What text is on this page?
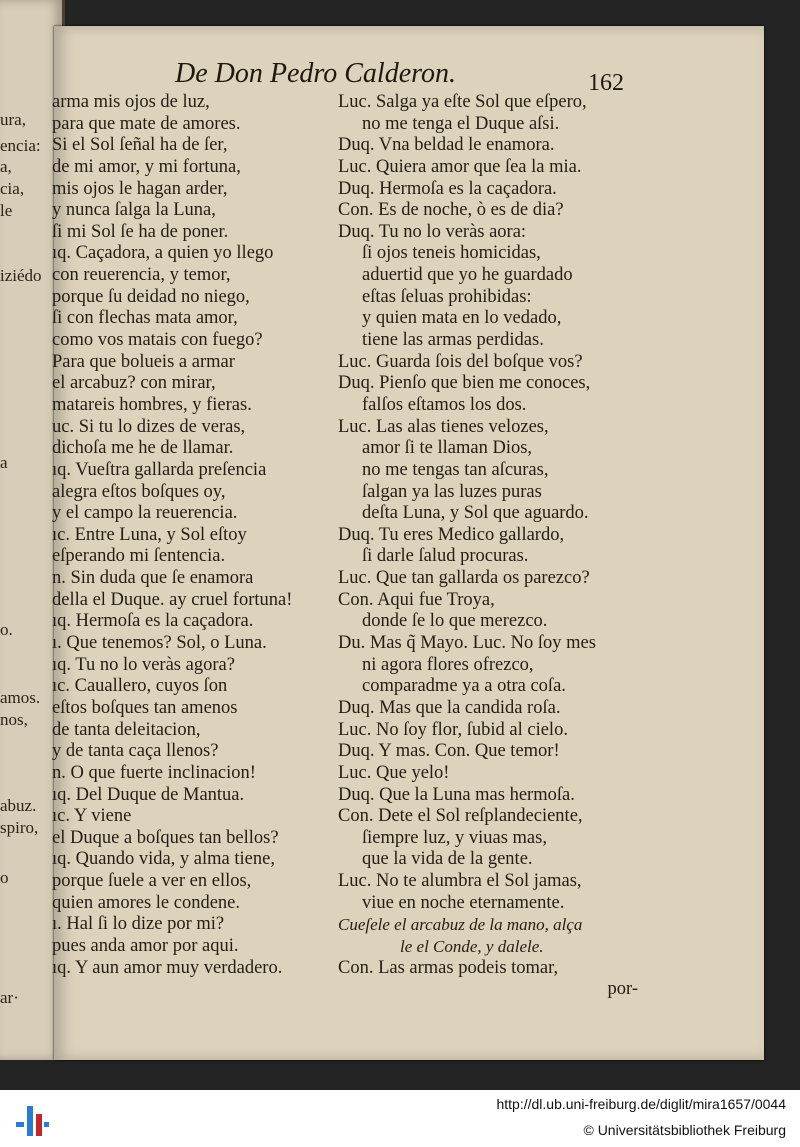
De Don Pedro Calderon.	162
arma mis ojos de luz,
para que mate de amores.
Si el Sol ſeñal ha de ſer,
de mi amor, y mi fortuna,
mis ojos le hagan arder,
y nunca ſalga la Luna,
ſi mi Sol ſe ha de poner.
ıq. Caçadora, a quien yo llego
con reuerencia, y temor,
porque ſu deidad no niego,
ſi con flechas mata amor,
como vos matais con fuego?
Para que boluеis a armar
el arcabuz? con mirar,
matareis hombres, y fieras.
uc. Si tu lo dizes de veras,
dichoſa me he de llamar.
ıq. Vueſtra gallarda preſencia
alegra eſtos boſques oy,
y el campo la reuerencia.
ıc. Entre Luna, y Sol eſtoy
eſperando mi ſentencia.
n. Sin duda que ſe enamora
della el Duque. ay cruel fortuna!
ıq. Hermoſa es la caçadora.
ı. Que tenemos? Sol, o Luna.
ıq. Tu no lo veràs agora?
ıc. Cauallero, cuyos ſon
eſtos boſques tan amenos
de tanta deleitacion,
y de tanta caça llenos?
n. O que fuerte inclinacion!
ıq. Del Duque de Mantua.
ıc. Y viene
el Duque a boſques tan bellos?
ıq. Quando vida, y alma tiene,
porque ſuele a ver en ellos,
quien amores le condene.
ı. Hal ſi lo dize por mi?
pues anda amor por aqui.
ıq. Y aun amor muy verdadero.
Luc. Salga ya eſte Sol que eſpero,
no me tenga el Duque aſsi.
Duq. Vna beldad le enamora.
Luc. Quiera amor que ſea la mia.
Duq. Hermoſa es la caçadora.
Con. Es de noche, ò es de dia?
Duq. Tu no lo veràs aora:
ſi ojos teneis homicidas,
aduertid que yo he guardado
eſtas ſeluas prohibidas:
y quien mata en lo vedado,
tiene las armas perdidas.
Luc. Guarda ſois del boſque vos?
Duq. Pienſo que bien me conoces,
falſos eſtamos los dos.
Luc. Las alas tienes velozes,
amor ſi te llaman Dios,
no me tengas tan aſcuras,
ſalgan ya las luzes puras
deſta Luna, y Sol que aguardo.
Duq. Tu eres Medico gallardo,
ſi darle ſalud procuras.
Luc. Que tan gallarda os parezco?
Con. Aqui fue Troya,
donde ſe lo que merezco.
Du. Mas q̃ Mayo. Luc. No ſoy mes
ni agora flores ofrezco,
comparadme ya a otra coſa.
Duq. Mas que la candida roſa.
Luc. No ſoy flor, ſubid al cielo.
Duq. Y mas. Con. Que temor!
Luc. Que yelo!
Duq. Que la Luna mas hermoſa.
Con. Dete el Sol reſplandeciente,
ſiempre luz, y viuas mas,
que la vida de la gente.
Luc. No te alumbra el Sol jamas,
viue en noche eternamente.
Cueſele el arcabuz de la mano, alça
le el Conde, y dalele.
Con. Las armas podeis tomar,
por-
ura,
encia:
a,
cia,
le
iziédo
a
o.
amos.
nos,
abuz.
spiro,
o
ar·
http://dl.ub.uni-freiburg.de/diglit/mira1657/0044
© Universitätsbibliothek Freiburg
